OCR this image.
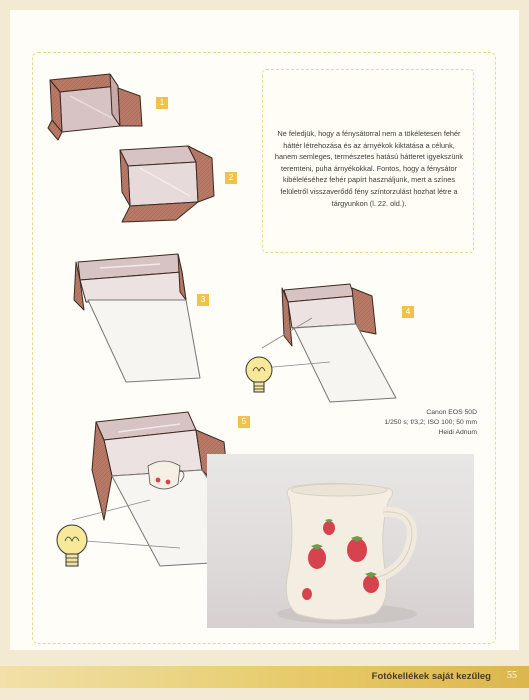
Ne feledjük, hogy a fénysátorral nem a tökéletesen fehér háttér létrehozása és az árnyékok kiktatása a célunk, hanem semleges, természetes hatású hátteret igyekszünk teremteni, puha árnyékokkal. Fontos, hogy a fénysátor kibéleléséhez fehér papírt használjunk, mert a színes felületről visszaverődő fény színtorzulást hozhat létre a tárgyunkon (l. 22. old.).

1
2
3
4
5
Canon EOS 50D
1/250 s; f/3,2; ISO 100; 50 mm
Heidi Adnum
Fotókellékek saját kezűleg 55
